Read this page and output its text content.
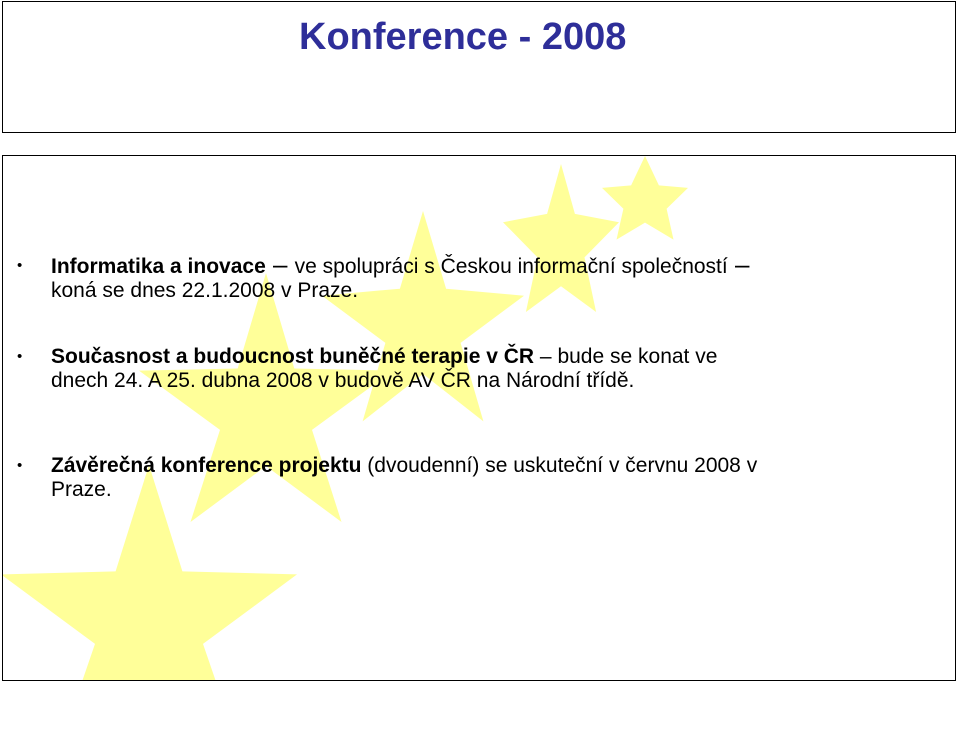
Konference - 2008
• Informatika a inovace – ve spolupráci s Českou informační společností –
koná se dnes 22.1.2008 v Praze.
• Současnost a budoucnost buněčné terapie v ČR – bude se konat ve
dnech 24. A 25. dubna 2008 v budově AV ČR na Národní třídě.
• Závěrečná konference projektu (dvoudenní) se uskuteční v červnu 2008 v
Praze.
